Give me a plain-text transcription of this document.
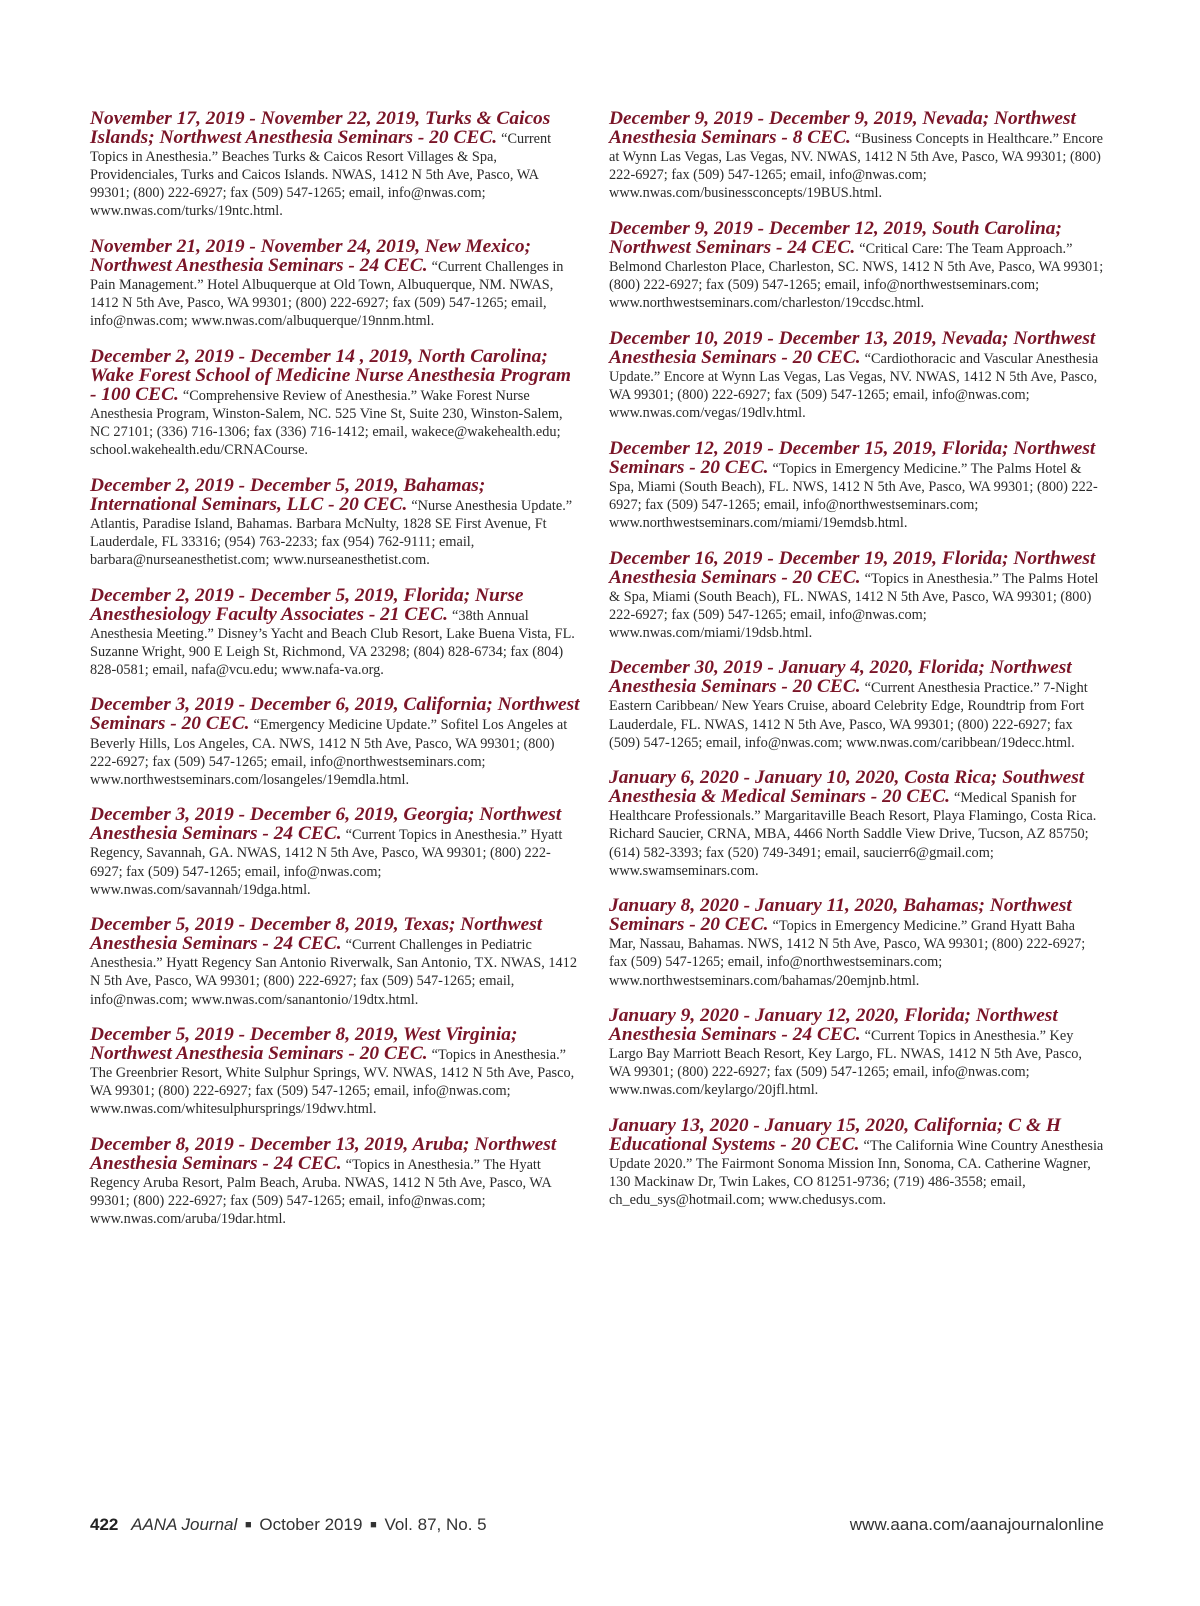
November 17, 2019 - November 22, 2019, Turks & Caicos Islands; Northwest Anesthesia Seminars - 20 CEC. “Current Topics in Anesthesia.” Beaches Turks & Caicos Resort Villages & Spa, Providenciales, Turks and Caicos Islands. NWAS, 1412 N 5th Ave, Pasco, WA 99301; (800) 222-6927; fax (509) 547-1265; email, info@nwas.com; www.nwas.com/turks/19ntc.html.
November 21, 2019 - November 24, 2019, New Mexico; Northwest Anesthesia Seminars - 24 CEC. “Current Challenges in Pain Management.” Hotel Albuquerque at Old Town, Albuquerque, NM. NWAS, 1412 N 5th Ave, Pasco, WA 99301; (800) 222-6927; fax (509) 547-1265; email, info@nwas.com; www.nwas.com/albuquerque/19nnm.html.
December 2, 2019 - December 14 , 2019, North Carolina; Wake Forest School of Medicine Nurse Anesthesia Program - 100 CEC. “Comprehensive Review of Anesthesia.” Wake Forest Nurse Anesthesia Program, Winston-Salem, NC. 525 Vine St, Suite 230, Winston-Salem, NC 27101; (336) 716-1306; fax (336) 716-1412; email, wakece@wakehealth.edu; school.wakehealth.edu/CRNACourse.
December 2, 2019 - December 5, 2019, Bahamas; International Seminars, LLC - 20 CEC. “Nurse Anesthesia Update.” Atlantis, Paradise Island, Bahamas. Barbara McNulty, 1828 SE First Avenue, Ft Lauderdale, FL 33316; (954) 763-2233; fax (954) 762-9111; email, barbara@nurseanesthetist.com; www.nurseanesthetist.com.
December 2, 2019 - December 5, 2019, Florida; Nurse Anesthesiology Faculty Associates - 21 CEC. “38th Annual Anesthesia Meeting.” Disney’s Yacht and Beach Club Resort, Lake Buena Vista, FL. Suzanne Wright, 900 E Leigh St, Richmond, VA 23298; (804) 828-6734; fax (804) 828-0581; email, nafa@vcu.edu; www.nafa-va.org.
December 3, 2019 - December 6, 2019, California; Northwest Seminars - 20 CEC. “Emergency Medicine Update.” Sofitel Los Angeles at Beverly Hills, Los Angeles, CA. NWS, 1412 N 5th Ave, Pasco, WA 99301; (800) 222-6927; fax (509) 547-1265; email, info@northwestseminars.com; www.northwestseminars.com/losangeles/19emdla.html.
December 3, 2019 - December 6, 2019, Georgia; Northwest Anesthesia Seminars - 24 CEC. “Current Topics in Anesthesia.” Hyatt Regency, Savannah, GA. NWAS, 1412 N 5th Ave, Pasco, WA 99301; (800) 222-6927; fax (509) 547-1265; email, info@nwas.com; www.nwas.com/savannah/19dga.html.
December 5, 2019 - December 8, 2019, Texas; Northwest Anesthesia Seminars - 24 CEC. “Current Challenges in Pediatric Anesthesia.” Hyatt Regency San Antonio Riverwalk, San Antonio, TX. NWAS, 1412 N 5th Ave, Pasco, WA 99301; (800) 222-6927; fax (509) 547-1265; email, info@nwas.com; www.nwas.com/sanantonio/19dtx.html.
December 5, 2019 - December 8, 2019, West Virginia; Northwest Anesthesia Seminars - 20 CEC. “Topics in Anesthesia.” The Greenbrier Resort, White Sulphur Springs, WV. NWAS, 1412 N 5th Ave, Pasco, WA 99301; (800) 222-6927; fax (509) 547-1265; email, info@nwas.com; www.nwas.com/whitesulphursprings/19dwv.html.
December 8, 2019 - December 13, 2019, Aruba; Northwest Anesthesia Seminars - 24 CEC. “Topics in Anesthesia.” The Hyatt Regency Aruba Resort, Palm Beach, Aruba. NWAS, 1412 N 5th Ave, Pasco, WA 99301; (800) 222-6927; fax (509) 547-1265; email, info@nwas.com; www.nwas.com/aruba/19dar.html.
December 9, 2019 - December 9, 2019, Nevada; Northwest Anesthesia Seminars - 8 CEC. “Business Concepts in Healthcare.” Encore at Wynn Las Vegas, Las Vegas, NV. NWAS, 1412 N 5th Ave, Pasco, WA 99301; (800) 222-6927; fax (509) 547-1265; email, info@nwas.com; www.nwas.com/businessconcepts/19BUS.html.
December 9, 2019 - December 12, 2019, South Carolina; Northwest Seminars - 24 CEC. “Critical Care: The Team Approach.” Belmond Charleston Place, Charleston, SC. NWS, 1412 N 5th Ave, Pasco, WA 99301; (800) 222-6927; fax (509) 547-1265; email, info@northwestseminars.com; www.northwestseminars.com/charleston/19ccdsc.html.
December 10, 2019 - December 13, 2019, Nevada; Northwest Anesthesia Seminars - 20 CEC. “Cardiothoracic and Vascular Anesthesia Update.” Encore at Wynn Las Vegas, Las Vegas, NV. NWAS, 1412 N 5th Ave, Pasco, WA 99301; (800) 222-6927; fax (509) 547-1265; email, info@nwas.com; www.nwas.com/vegas/19dlv.html.
December 12, 2019 - December 15, 2019, Florida; Northwest Seminars - 20 CEC. “Topics in Emergency Medicine.” The Palms Hotel & Spa, Miami (South Beach), FL. NWS, 1412 N 5th Ave, Pasco, WA 99301; (800) 222-6927; fax (509) 547-1265; email, info@northwestseminars.com; www.northwestseminars.com/miami/19emdsb.html.
December 16, 2019 - December 19, 2019, Florida; Northwest Anesthesia Seminars - 20 CEC. “Topics in Anesthesia.” The Palms Hotel & Spa, Miami (South Beach), FL. NWAS, 1412 N 5th Ave, Pasco, WA 99301; (800) 222-6927; fax (509) 547-1265; email, info@nwas.com; www.nwas.com/miami/19dsb.html.
December 30, 2019 - January 4, 2020, Florida; Northwest Anesthesia Seminars - 20 CEC. “Current Anesthesia Practice.” 7-Night Eastern Caribbean/ New Years Cruise, aboard Celebrity Edge, Roundtrip from Fort Lauderdale, FL. NWAS, 1412 N 5th Ave, Pasco, WA 99301; (800) 222-6927; fax (509) 547-1265; email, info@nwas.com; www.nwas.com/caribbean/19decc.html.
January 6, 2020 - January 10, 2020, Costa Rica; Southwest Anesthesia & Medical Seminars - 20 CEC. “Medical Spanish for Healthcare Professionals.” Margaritaville Beach Resort, Playa Flamingo, Costa Rica. Richard Saucier, CRNA, MBA, 4466 North Saddle View Drive, Tucson, AZ 85750; (614) 582-3393; fax (520) 749-3491; email, saucierr6@gmail.com; www.swamseminars.com.
January 8, 2020 - January 11, 2020, Bahamas; Northwest Seminars - 20 CEC. “Topics in Emergency Medicine.” Grand Hyatt Baha Mar, Nassau, Bahamas. NWS, 1412 N 5th Ave, Pasco, WA 99301; (800) 222-6927; fax (509) 547-1265; email, info@northwestseminars.com; www.northwestseminars.com/bahamas/20emjnb.html.
January 9, 2020 - January 12, 2020, Florida; Northwest Anesthesia Seminars - 24 CEC. “Current Topics in Anesthesia.” Key Largo Bay Marriott Beach Resort, Key Largo, FL. NWAS, 1412 N 5th Ave, Pasco, WA 99301; (800) 222-6927; fax (509) 547-1265; email, info@nwas.com; www.nwas.com/keylargo/20jfl.html.
January 13, 2020 - January 15, 2020, California; C & H Educational Systems - 20 CEC. “The California Wine Country Anesthesia Update 2020.” The Fairmont Sonoma Mission Inn, Sonoma, CA. Catherine Wagner, 130 Mackinaw Dr, Twin Lakes, CO 81251-9736; (719) 486-3558; email, ch_edu_sys@hotmail.com; www.chedusys.com.
422 AANA Journal ■ October 2019 ■ Vol. 87, No. 5	www.aana.com/aanajournalonline
